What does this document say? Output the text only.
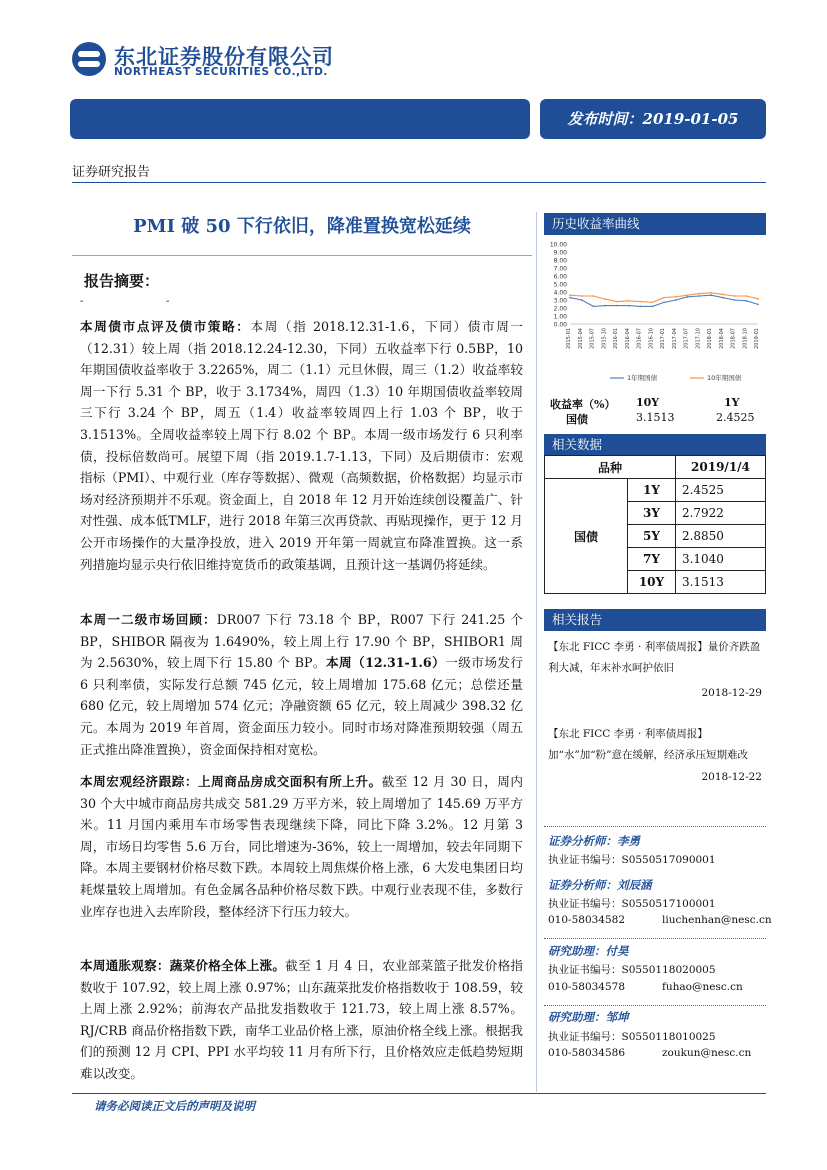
东北证券股份有限公司
NORTHEAST SECURITIES CO.,LTD.
发布时间：2019-01-05
证券研究报告
PMI 破 50 下行依旧，降准置换宽松延续
报告摘要：
-	-
本周债市点评及债市策略：本周（指 2018.12.31-1.6，下同）债市周一（12.31）较上周（指 2018.12.24-12.30，下同）五收益率下行 0.5BP，10 年期国债收益率收于 3.2265%，周二（1.1）元旦休假，周三（1.2）收益率较周一下行 5.31 个 BP，收于 3.1734%，周四（1.3）10 年期国债收益率较周三下行 3.24 个 BP，周五（1.4）收益率较周四上行 1.03 个 BP，收于 3.1513%。全周收益率较上周下行 8.02 个 BP。本周一级市场发行 6 只利率债，投标倍数尚可。展望下周（指 2019.1.7-1.13，下同）及后期债市：宏观指标（PMI）、中观行业（库存等数据）、微观（高频数据，价格数据）均显示市场对经济预期并不乐观。资金面上，自 2018 年 12 月开始连续创设覆盖广、针对性强、成本低TMLF，进行 2018 年第三次再贷款、再贴现操作，更于 12 月公开市场操作的大量净投放，进入 2019 开年第一周就宣布降准置换。这一系列措施均显示央行依旧维持宽货币的政策基调，且预计这一基调仍将延续。
本周一二级市场回顾：DR007 下行 73.18 个 BP，R007 下行 241.25 个 BP，SHIBOR 隔夜为 1.6490%，较上周上行 17.90 个 BP，SHIBOR1 周为 2.5630%，较上周下行 15.80 个 BP。本周（12.31-1.6）一级市场发行 6 只利率债，实际发行总额 745 亿元，较上周增加 175.68 亿元；总偿还量 680 亿元，较上周增加 574 亿元；净融资额 65 亿元，较上周减少 398.32 亿元。本周为 2019 年首周，资金面压力较小。同时市场对降准预期较强（周五正式推出降准置换），资金面保持相对宽松。
本周宏观经济跟踪：上周商品房成交面积有所上升。截至 12 月 30 日，周内 30 个大中城市商品房共成交 581.29 万平方米，较上周增加了 145.69 万平方米。11 月国内乘用车市场零售表现继续下降，同比下降 3.2%。12 月第 3 周，市场日均零售 5.6 万台，同比增速为-36%，较上一周增加，较去年同期下降。本周主要钢材价格尽数下跌。本周较上周焦煤价格上涨，6 大发电集团日均耗煤量较上周增加。有色金属各品种价格尽数下跌。中观行业表现不佳，多数行业库存也进入去库阶段，整体经济下行压力较大。
本周通胀观察：蔬菜价格全体上涨。截至 1 月 4 日，农业部菜篮子批发价格指数收于 107.92，较上周上涨 0.97%；山东蔬菜批发价格指数收于 108.59，较上周上涨 2.92%；前海农产品批发指数收于 121.73，较上周上涨 8.57%。RJ/CRB 商品价格指数下跌，南华工业品价格上涨，原油价格全线上涨。根据我们的预测 12 月 CPI、PPI 水平均较 11 月有所下行，且价格效应走低趋势短期难以改变。
历史收益率曲线
10.00
9.00
8.00
7.00
6.00
5.00
4.00
3.00
2.00
1.00
0.00
2015-01 2015-04 2015-07 2015-10 2016-01 2016-04 2016-07 2016-10 2017-01 2017-04 2017-07 2017-10 2018-01 2018-04 2018-07 2018-10 2019-01
1年期国债	10年期国债
收益率（%） 10Y	1Y
国债	3.1513	2.4525
相关数据
品种		2019/1/4
国债	1Y	2.4525
	3Y	2.7922
	5Y	2.8850
	7Y	3.1040
	10Y	3.1513
相关报告
【东北 FICC 李勇 · 利率债周报】量价齐跌盈利大减，年末补水呵护依旧
2018-12-29
【东北 FICC 李勇 · 利率债周报】加“水”加“粉”意在缓解，经济承压短期难改
2018-12-22
证券分析师：李勇
执业证书编号：S0550517090001
证券分析师：刘辰涵
执业证书编号：S0550517100001
010-58034582	liuchenhan@nesc.cn
研究助理：付昊
执业证书编号：S0550118020005
010-58034578	fuhao@nesc.cn
研究助理：邹坤
执业证书编号：S0550118010025
010-58034586	zoukun@nesc.cn
请务必阅读正文后的声明及说明
